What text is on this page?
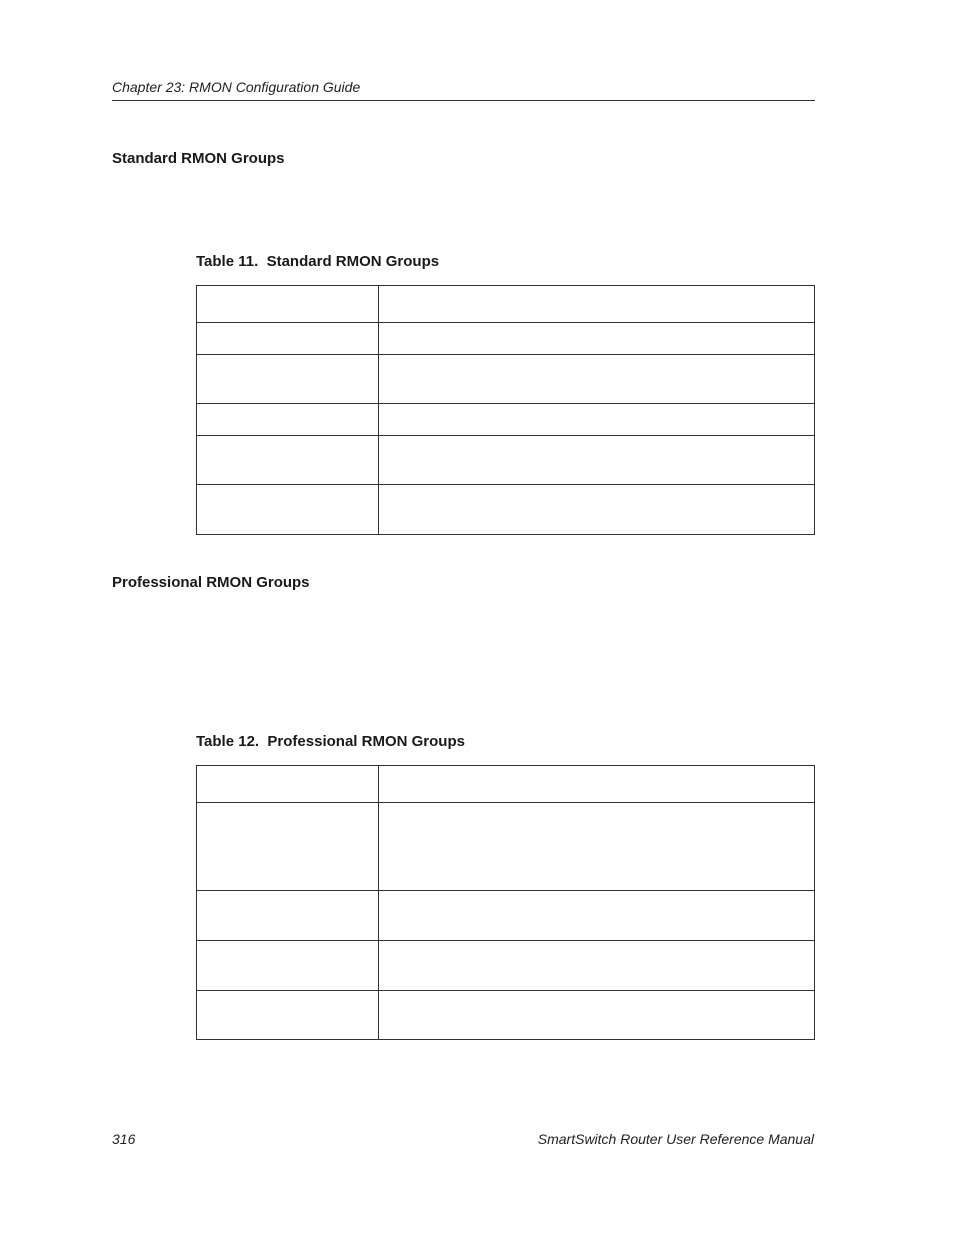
Chapter 23: RMON Configuration Guide
Standard RMON Groups
Table 11.  Standard RMON Groups

Professional RMON Groups
Table 12.  Professional RMON Groups

316	SmartSwitch Router User Reference Manual
